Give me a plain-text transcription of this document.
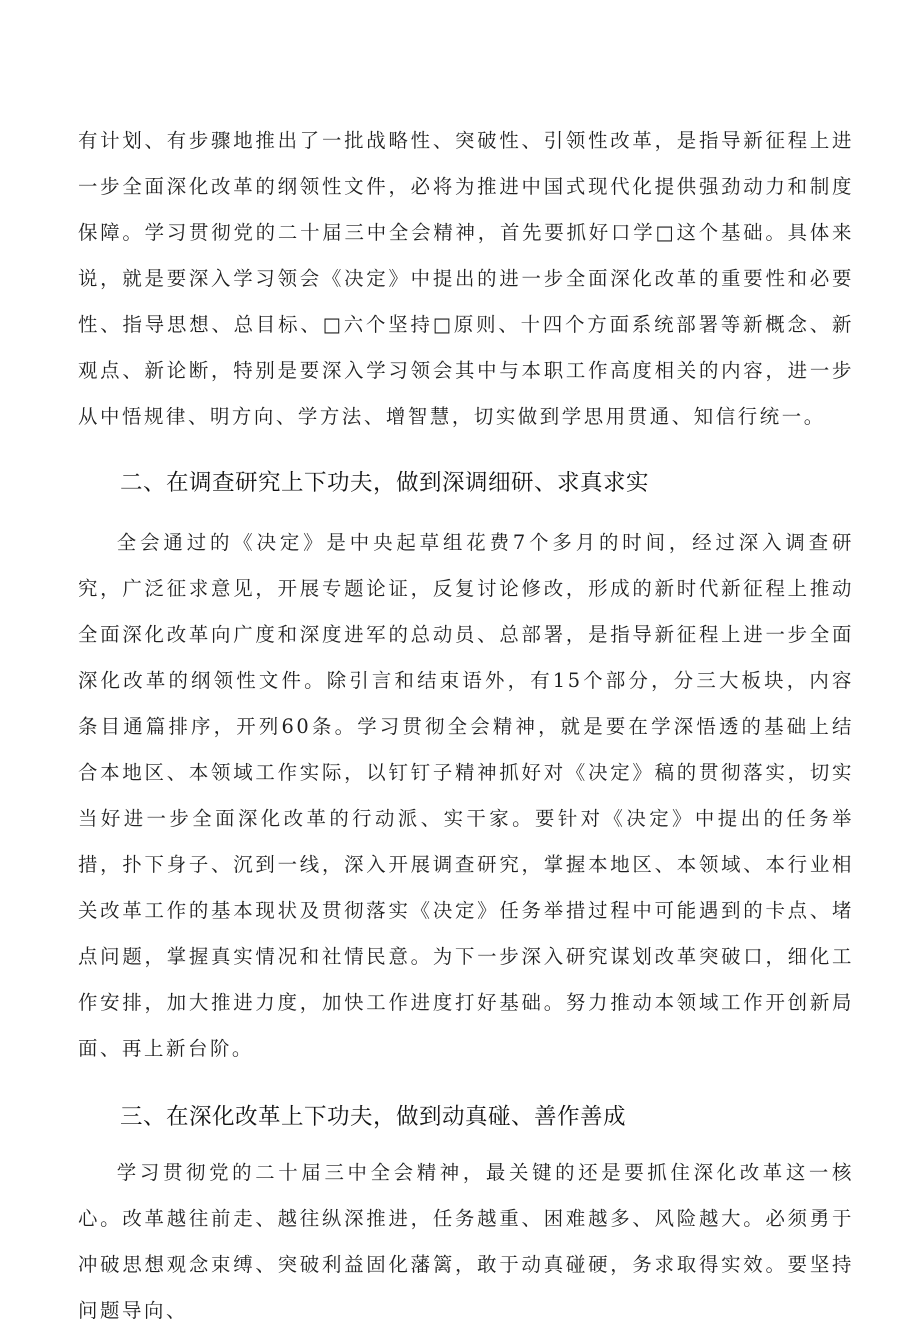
有计划、有步骤地推出了一批战略性、突破性、引领性改革，是指导新征程上进一步全面深化改革的纲领性文件，必将为推进中国式现代化提供强劲动力和制度保障。学习贯彻党的二十届三中全会精神，首先要抓好口学□这个基础。具体来说，就是要深入学习领会《决定》中提出的进一步全面深化改革的重要性和必要性、指导思想、总目标、□六个坚持□原则、十四个方面系统部署等新概念、新观点、新论断，特别是要深入学习领会其中与本职工作高度相关的内容，进一步从中悟规律、明方向、学方法、增智慧，切实做到学思用贯通、知信行统一。

二、在调查研究上下功夫，做到深调细研、求真求实

全会通过的《决定》是中央起草组花费7个多月的时间，经过深入调查研究，广泛征求意见，开展专题论证，反复讨论修改，形成的新时代新征程上推动全面深化改革向广度和深度进军的总动员、总部署，是指导新征程上进一步全面深化改革的纲领性文件。除引言和结束语外，有15个部分，分三大板块，内容条目通篇排序，开列60条。学习贯彻全会精神，就是要在学深悟透的基础上结合本地区、本领域工作实际，以钉钉子精神抓好对《决定》稿的贯彻落实，切实当好进一步全面深化改革的行动派、实干家。要针对《决定》中提出的任务举措，扑下身子、沉到一线，深入开展调查研究，掌握本地区、本领域、本行业相关改革工作的基本现状及贯彻落实《决定》任务举措过程中可能遇到的卡点、堵点问题，掌握真实情况和社情民意。为下一步深入研究谋划改革突破口，细化工作安排，加大推进力度，加快工作进度打好基础。努力推动本领域工作开创新局面、再上新台阶。

三、在深化改革上下功夫，做到动真碰、善作善成

学习贯彻党的二十届三中全会精神，最关键的还是要抓住深化改革这一核心。改革越往前走、越往纵深推进，任务越重、困难越多、风险越大。必须勇于冲破思想观念束缚、突破利益固化藩篱，敢于动真碰硬，务求取得实效。要坚持问题导向、
